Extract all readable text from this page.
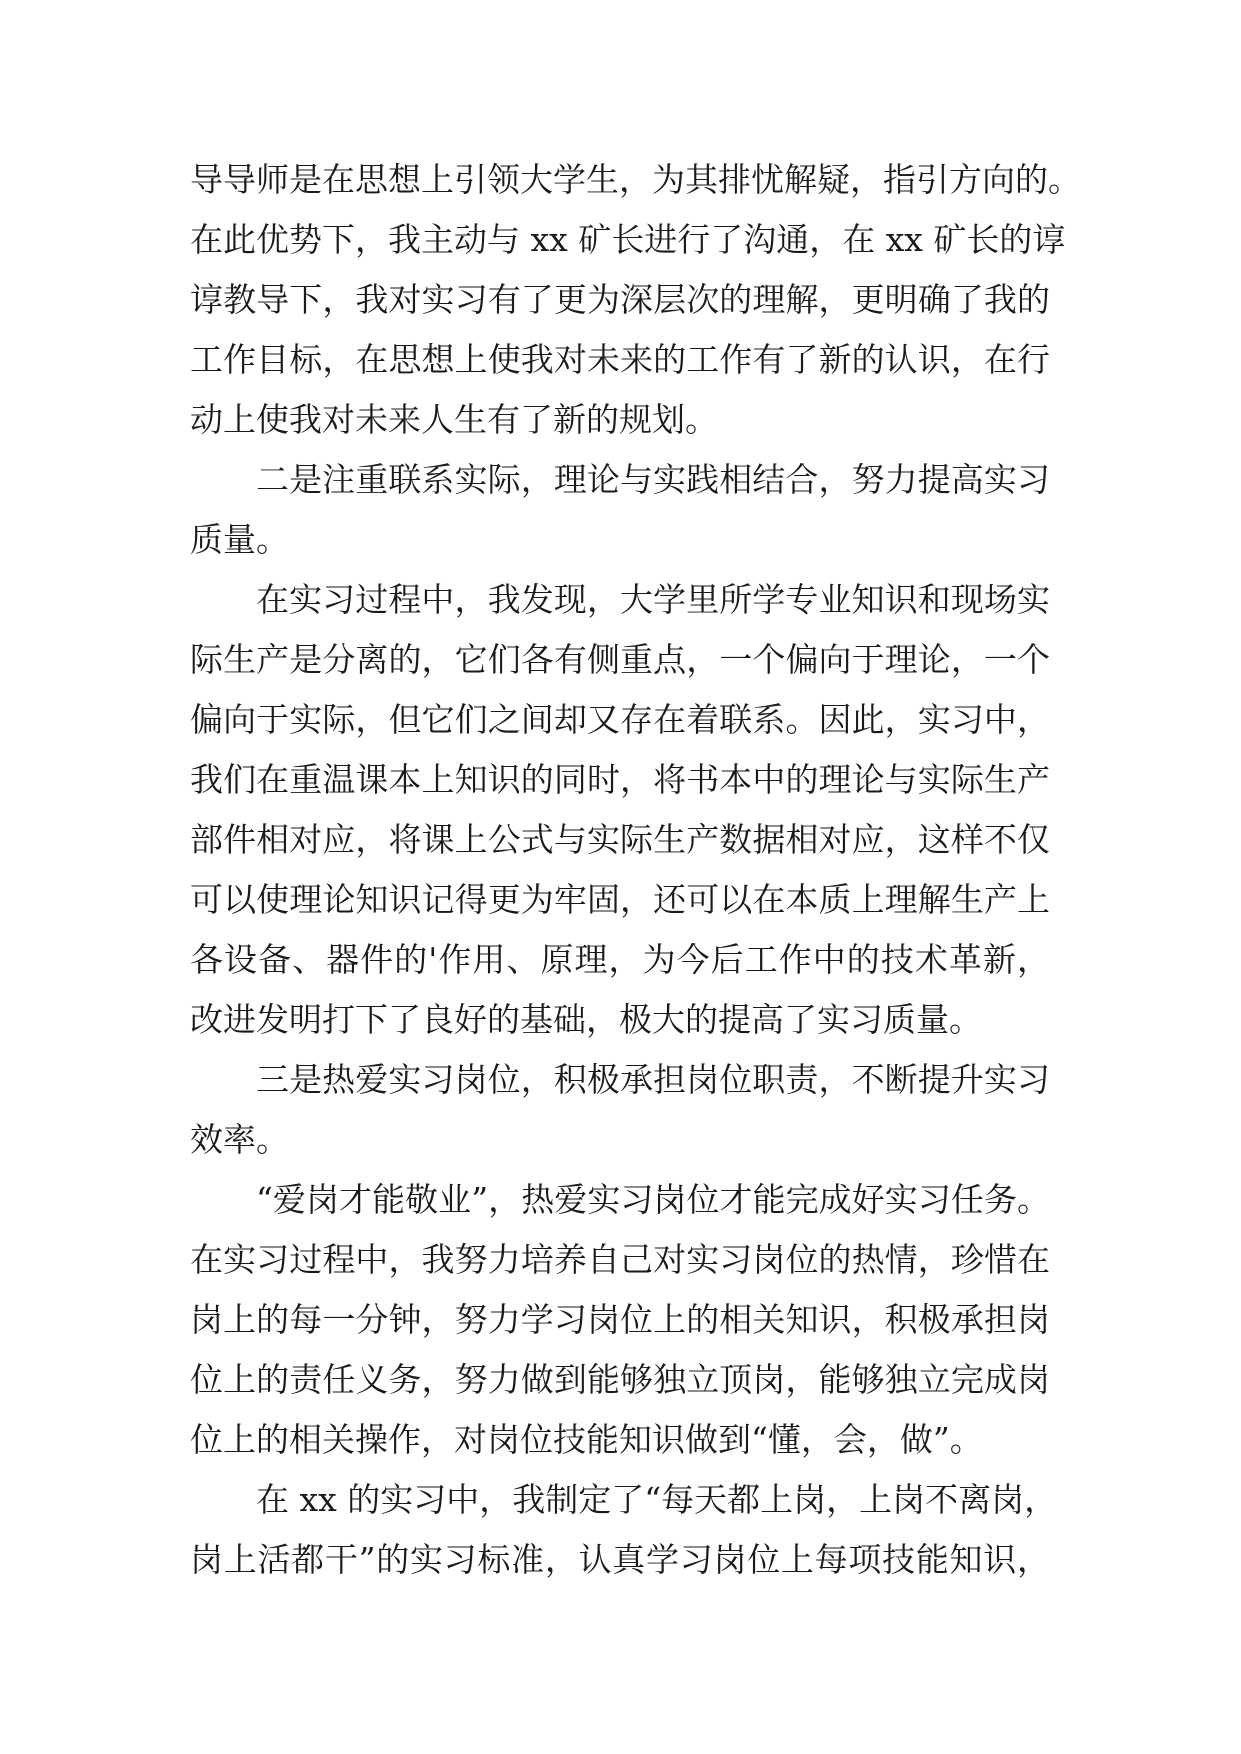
导导师是在思想上引领大学生，为其排忧解疑，指引方向的。
在此优势下，我主动与 xx 矿长进行了沟通，在 xx 矿长的谆
谆教导下，我对实习有了更为深层次的理解，更明确了我的
工作目标，在思想上使我对未来的工作有了新的认识，在行
动上使我对未来人生有了新的规划。
二是注重联系实际，理论与实践相结合，努力提高实习
质量。
在实习过程中，我发现，大学里所学专业知识和现场实
际生产是分离的，它们各有侧重点，一个偏向于理论，一个
偏向于实际，但它们之间却又存在着联系。因此，实习中，
我们在重温课本上知识的同时，将书本中的理论与实际生产
部件相对应，将课上公式与实际生产数据相对应，这样不仅
可以使理论知识记得更为牢固，还可以在本质上理解生产上
各设备、器件的'作用、原理，为今后工作中的技术革新，
改进发明打下了良好的基础，极大的提高了实习质量。
三是热爱实习岗位，积极承担岗位职责，不断提升实习
效率。
“爱岗才能敬业”，热爱实习岗位才能完成好实习任务。
在实习过程中，我努力培养自己对实习岗位的热情，珍惜在
岗上的每一分钟，努力学习岗位上的相关知识，积极承担岗
位上的责任义务，努力做到能够独立顶岗，能够独立完成岗
位上的相关操作，对岗位技能知识做到“懂，会，做”。
在 xx 的实习中，我制定了“每天都上岗，上岗不离岗，
岗上活都干”的实习标准，认真学习岗位上每项技能知识，
